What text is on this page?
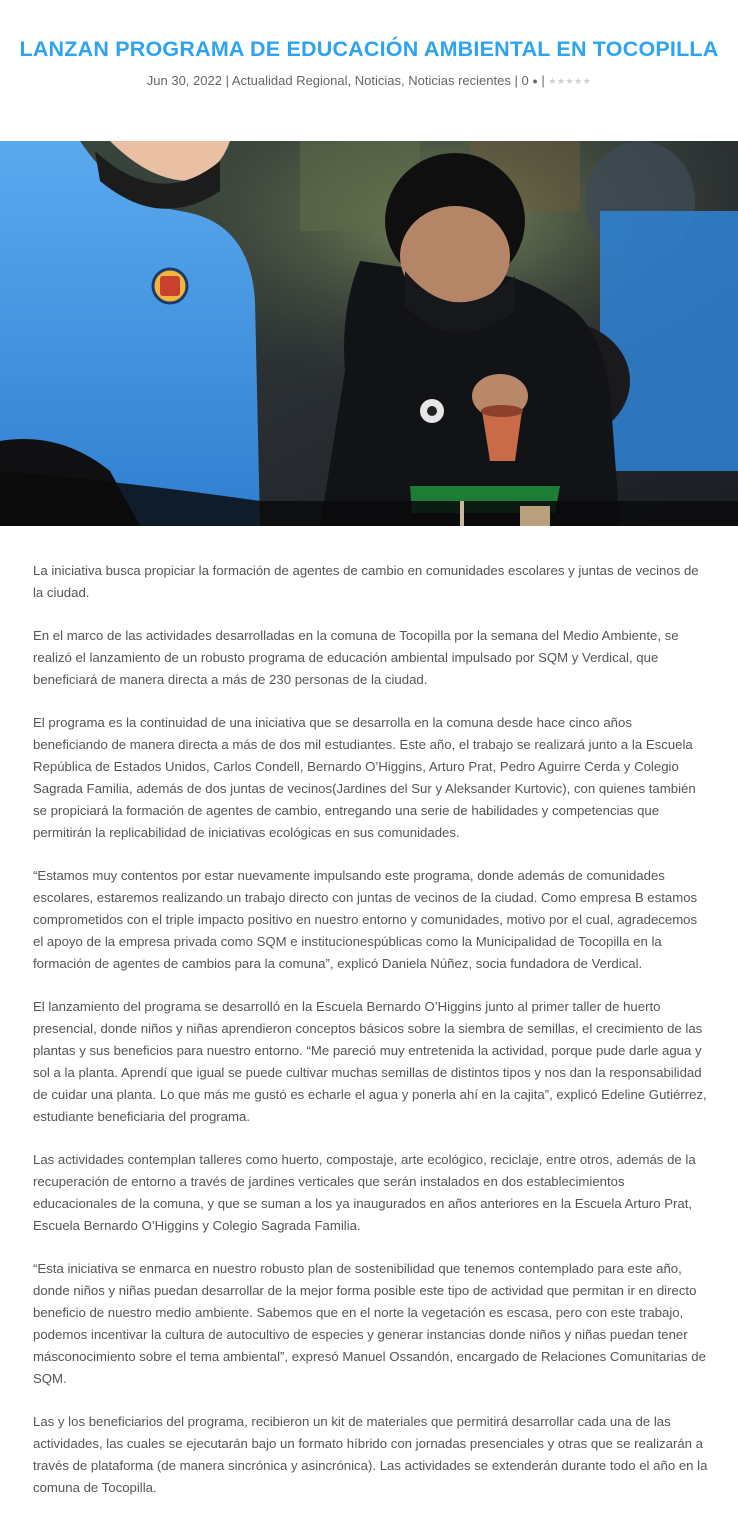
LANZAN PROGRAMA DE EDUCACIÓN AMBIENTAL EN TOCOPILLA
Jun 30, 2022 | Actualidad Regional, Noticias, Noticias recientes | 0 ● | ★★★★★

La iniciativa busca propiciar la formación de agentes de cambio en comunidades escolares y juntas de vecinos de la ciudad.

En el marco de las actividades desarrolladas en la comuna de Tocopilla por la semana del Medio Ambiente, se realizó el lanzamiento de un robusto programa de educación ambiental impulsado por SQM y Verdical, que beneficiará de manera directa a más de 230 personas de la ciudad.

El programa es la continuidad de una iniciativa que se desarrolla en la comuna desde hace cinco años beneficiando de manera directa a más de dos mil estudiantes. Este año, el trabajo se realizará junto a la Escuela República de Estados Unidos, Carlos Condell, Bernardo O’Higgins, Arturo Prat, Pedro Aguirre Cerda y Colegio Sagrada Familia, además de dos juntas de vecinos(Jardines del Sur y Aleksander Kurtovic), con quienes también se propiciará la formación de agentes de cambio, entregando una serie de habilidades y competencias que permitirán la replicabilidad de iniciativas ecológicas en sus comunidades.

“Estamos muy contentos por estar nuevamente impulsando este programa, donde además de comunidades escolares, estaremos realizando un trabajo directo con juntas de vecinos de la ciudad. Como empresa B estamos comprometidos con el triple impacto positivo en nuestro entorno y comunidades, motivo por el cual, agradecemos el apoyo de la empresa privada como SQM e institucionespúblicas como la Municipalidad de Tocopilla en la formación de agentes de cambios para la comuna”, explicó Daniela Núñez, socia fundadora de Verdical.

El lanzamiento del programa se desarrolló en la Escuela Bernardo O’Higgins junto al primer taller de huerto presencial, donde niños y niñas aprendieron conceptos básicos sobre la siembra de semillas, el crecimiento de las plantas y sus beneficios para nuestro entorno. “Me pareció muy entretenida la actividad, porque pude darle agua y sol a la planta. Aprendí que igual se puede cultivar muchas semillas de distintos tipos y nos dan la responsabilidad de cuidar una planta. Lo que más me gustó es echarle el agua y ponerla ahí en la cajita”, explicó Edeline Gutiérrez, estudiante beneficiaria del programa.

Las actividades contemplan talleres como huerto, compostaje, arte ecológico, reciclaje, entre otros, además de la recuperación de entorno a través de jardines verticales que serán instalados en dos establecimientos educacionales de la comuna, y que se suman a los ya inaugurados en años anteriores en la Escuela Arturo Prat, Escuela Bernardo O’Higgins y Colegio Sagrada Familia.

“Esta iniciativa se enmarca en nuestro robusto plan de sostenibilidad que tenemos contemplado para este año, donde niños y niñas puedan desarrollar de la mejor forma posible este tipo de actividad que permitan ir en directo beneficio de nuestro medio ambiente. Sabemos que en el norte la vegetación es escasa, pero con este trabajo, podemos incentivar la cultura de autocultivo de especies y generar instancias donde niños y niñas puedan tener másconocimiento sobre el tema ambiental”, expresó Manuel Ossandón, encargado de Relaciones Comunitarias de SQM.

Las y los beneficiarios del programa, recibieron un kit de materiales que permitirá desarrollar cada una de las actividades, las cuales se ejecutarán bajo un formato híbrido con jornadas presenciales y otras que se realizarán a través de plataforma (de manera sincrónica y asincrónica). Las actividades se extenderán durante todo el año en la comuna de Tocopilla.
